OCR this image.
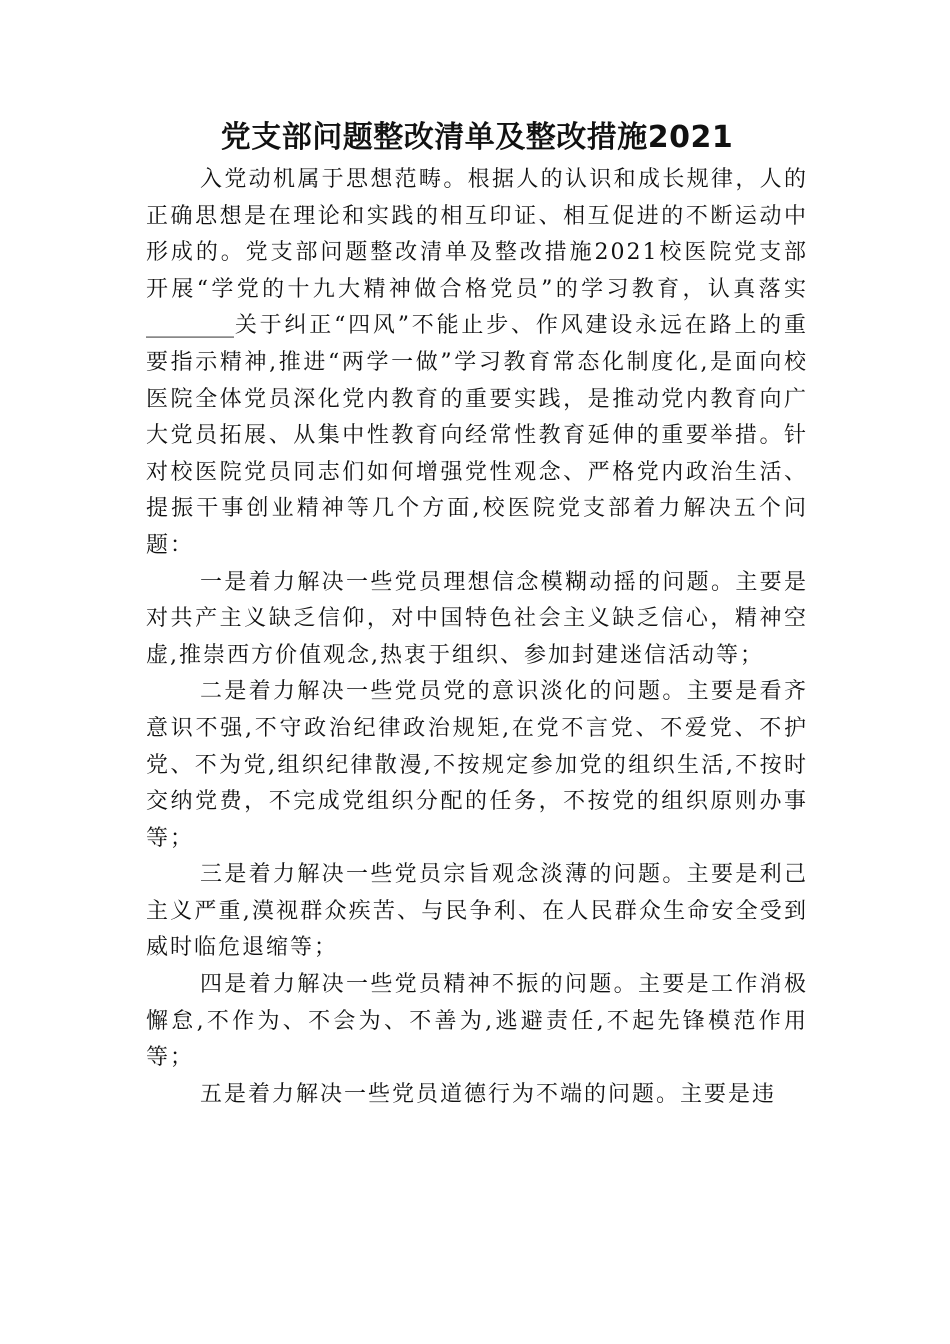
党支部问题整改清单及整改措施2021

入党动机属于思想范畴。根据人的认识和成长规律，人的正确思想是在理论和实践的相互印证、相互促进的不断运动中形成的。党支部问题整改清单及整改措施2021校医院党支部开展“学党的十九大精神做合格党员”的学习教育，认真落实________关于纠正“四风”不能止步、作风建设永远在路上的重要指示精神,推进“两学一做”学习教育常态化制度化,是面向校医院全体党员深化党内教育的重要实践，是推动党内教育向广大党员拓展、从集中性教育向经常性教育延伸的重要举措。针对校医院党员同志们如何增强党性观念、严格党内政治生活、提振干事创业精神等几个方面,校医院党支部着力解决五个问题：

一是着力解决一些党员理想信念模糊动摇的问题。主要是对共产主义缺乏信仰，对中国特色社会主义缺乏信心，精神空虚,推崇西方价值观念,热衷于组织、参加封建迷信活动等；

二是着力解决一些党员党的意识淡化的问题。主要是看齐意识不强,不守政治纪律政治规矩,在党不言党、不爱党、不护党、不为党,组织纪律散漫,不按规定参加党的组织生活,不按时交纳党费，不完成党组织分配的任务，不按党的组织原则办事等；

三是着力解决一些党员宗旨观念淡薄的问题。主要是利己主义严重,漠视群众疾苦、与民争利、在人民群众生命安全受到威时临危退缩等；

四是着力解决一些党员精神不振的问题。主要是工作消极懈怠,不作为、不会为、不善为,逃避责任,不起先锋模范作用等；

五是着力解决一些党员道德行为不端的问题。主要是违
